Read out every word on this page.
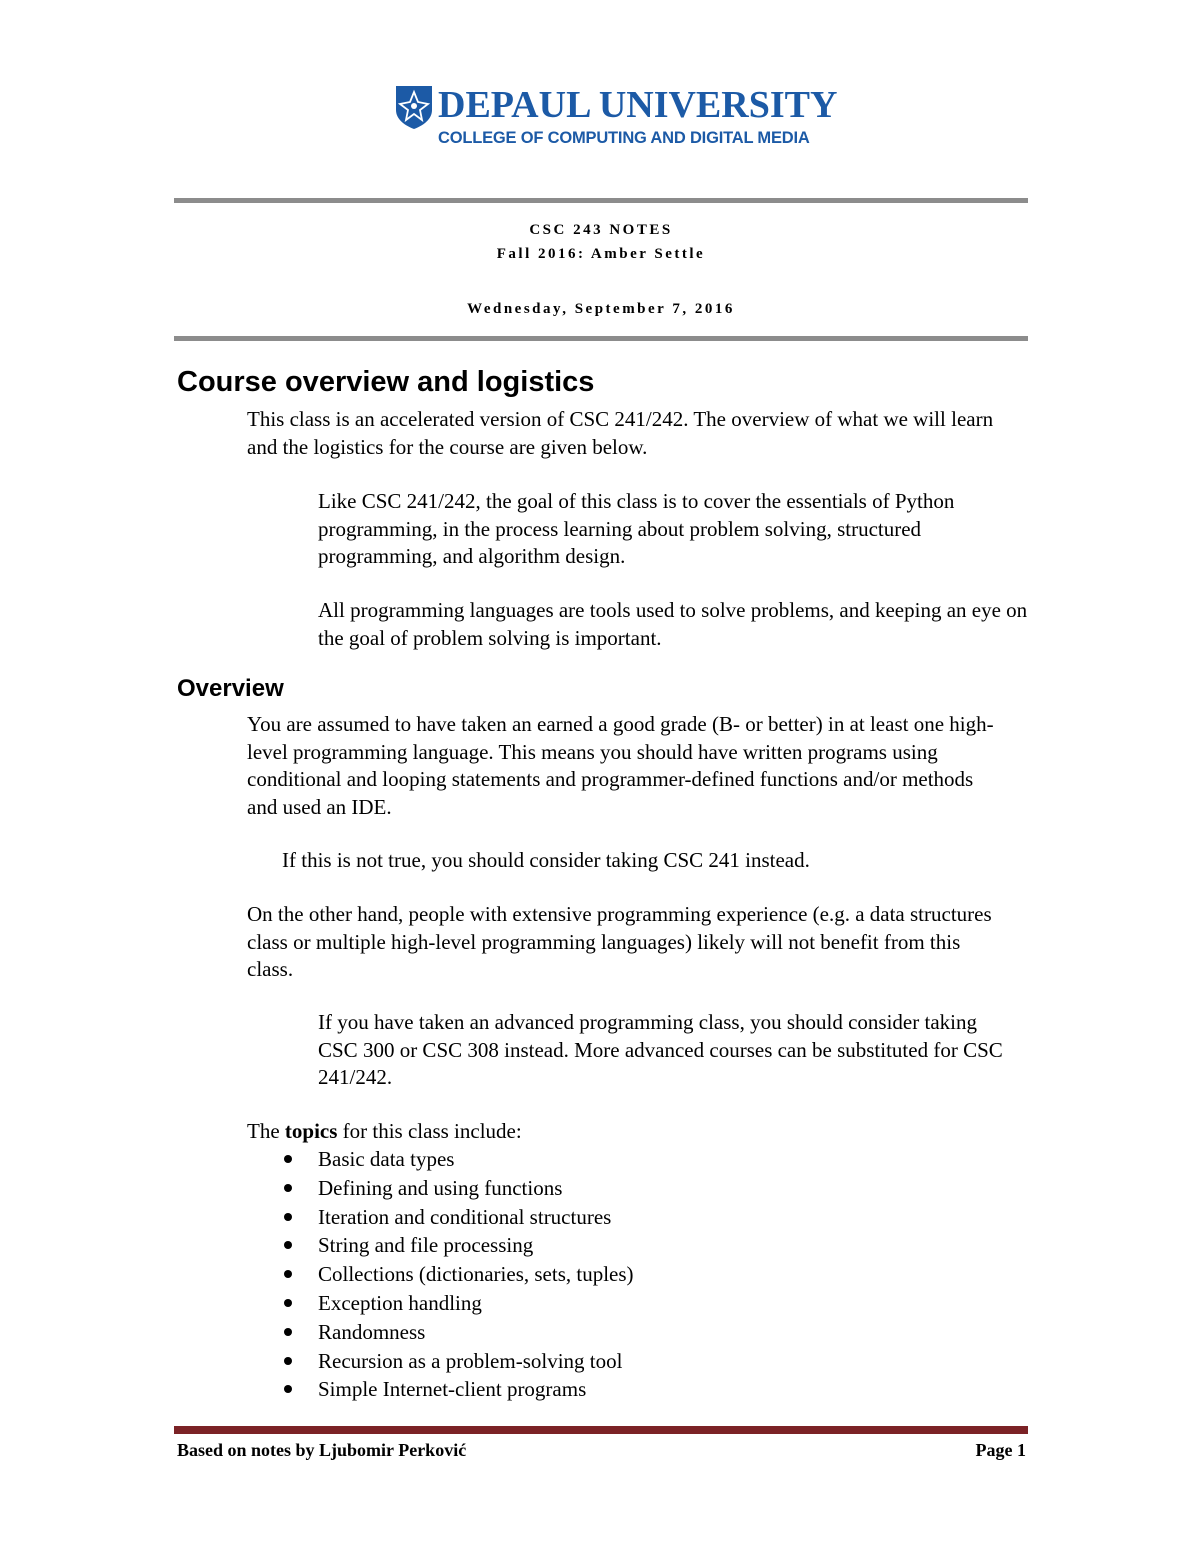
DEPAUL UNIVERSITY
COLLEGE OF COMPUTING AND DIGITAL MEDIA
CSC 243 NOTES
Fall 2016: Amber Settle
Wednesday, September 7, 2016
Course overview and logistics

This class is an accelerated version of CSC 241/242. The overview of what we will learn and the logistics for the course are given below.

Like CSC 241/242, the goal of this class is to cover the essentials of Python programming, in the process learning about problem solving, structured programming, and algorithm design.

All programming languages are tools used to solve problems, and keeping an eye on the goal of problem solving is important.

Overview

You are assumed to have taken an earned a good grade (B- or better) in at least one high-level programming language. This means you should have written programs using conditional and looping statements and programmer-defined functions and/or methods and used an IDE.

If this is not true, you should consider taking CSC 241 instead.

On the other hand, people with extensive programming experience (e.g. a data structures class or multiple high-level programming languages) likely will not benefit from this class.

If you have taken an advanced programming class, you should consider taking CSC 300 or CSC 308 instead. More advanced courses can be substituted for CSC 241/242.

The topics for this class include:

Basic data types
Defining and using functions
Iteration and conditional structures
String and file processing
Collections (dictionaries, sets, tuples)
Exception handling
Randomness
Recursion as a problem-solving tool
Simple Internet-client programs
Based on notes by Ljubomir Perković	Page 1
